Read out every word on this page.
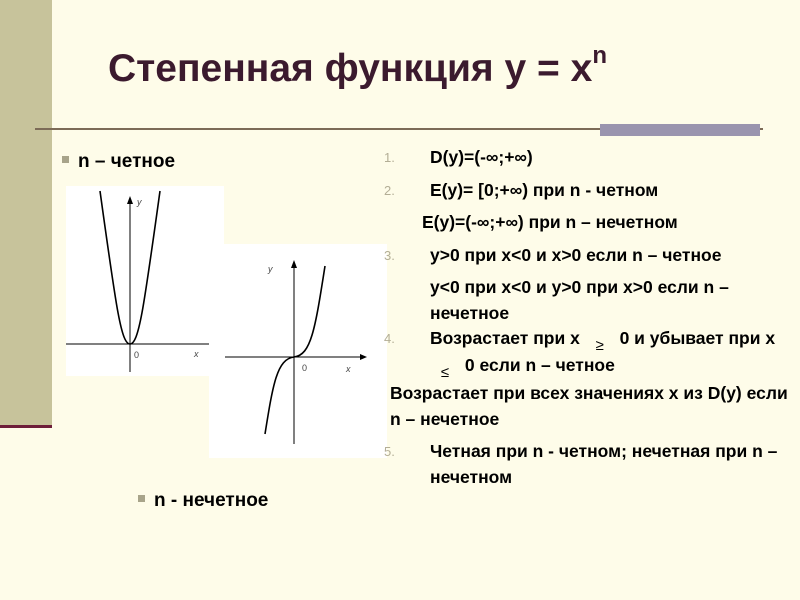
Степенная функция $y = x^n$
n – четное
y
x
0
y
x
0
n - нечетное
1. D(y)=(-∞;+∞)
2. E(y)= [0;+∞) при n - четном
E(y)=(-∞;+∞) при n – нечетном
3. y>0 при x<0 и x>0 если n – четное
y<0 при x<0 и y>0 при x>0 если n – нечетное
4. Возрастает при x ≥ 0 и убывает при x ≤ 0 если n – четное
Возрастает при всех значениях x из D(y) если n – нечетное
5. Четная при n - четном; нечетная при n – нечетном
